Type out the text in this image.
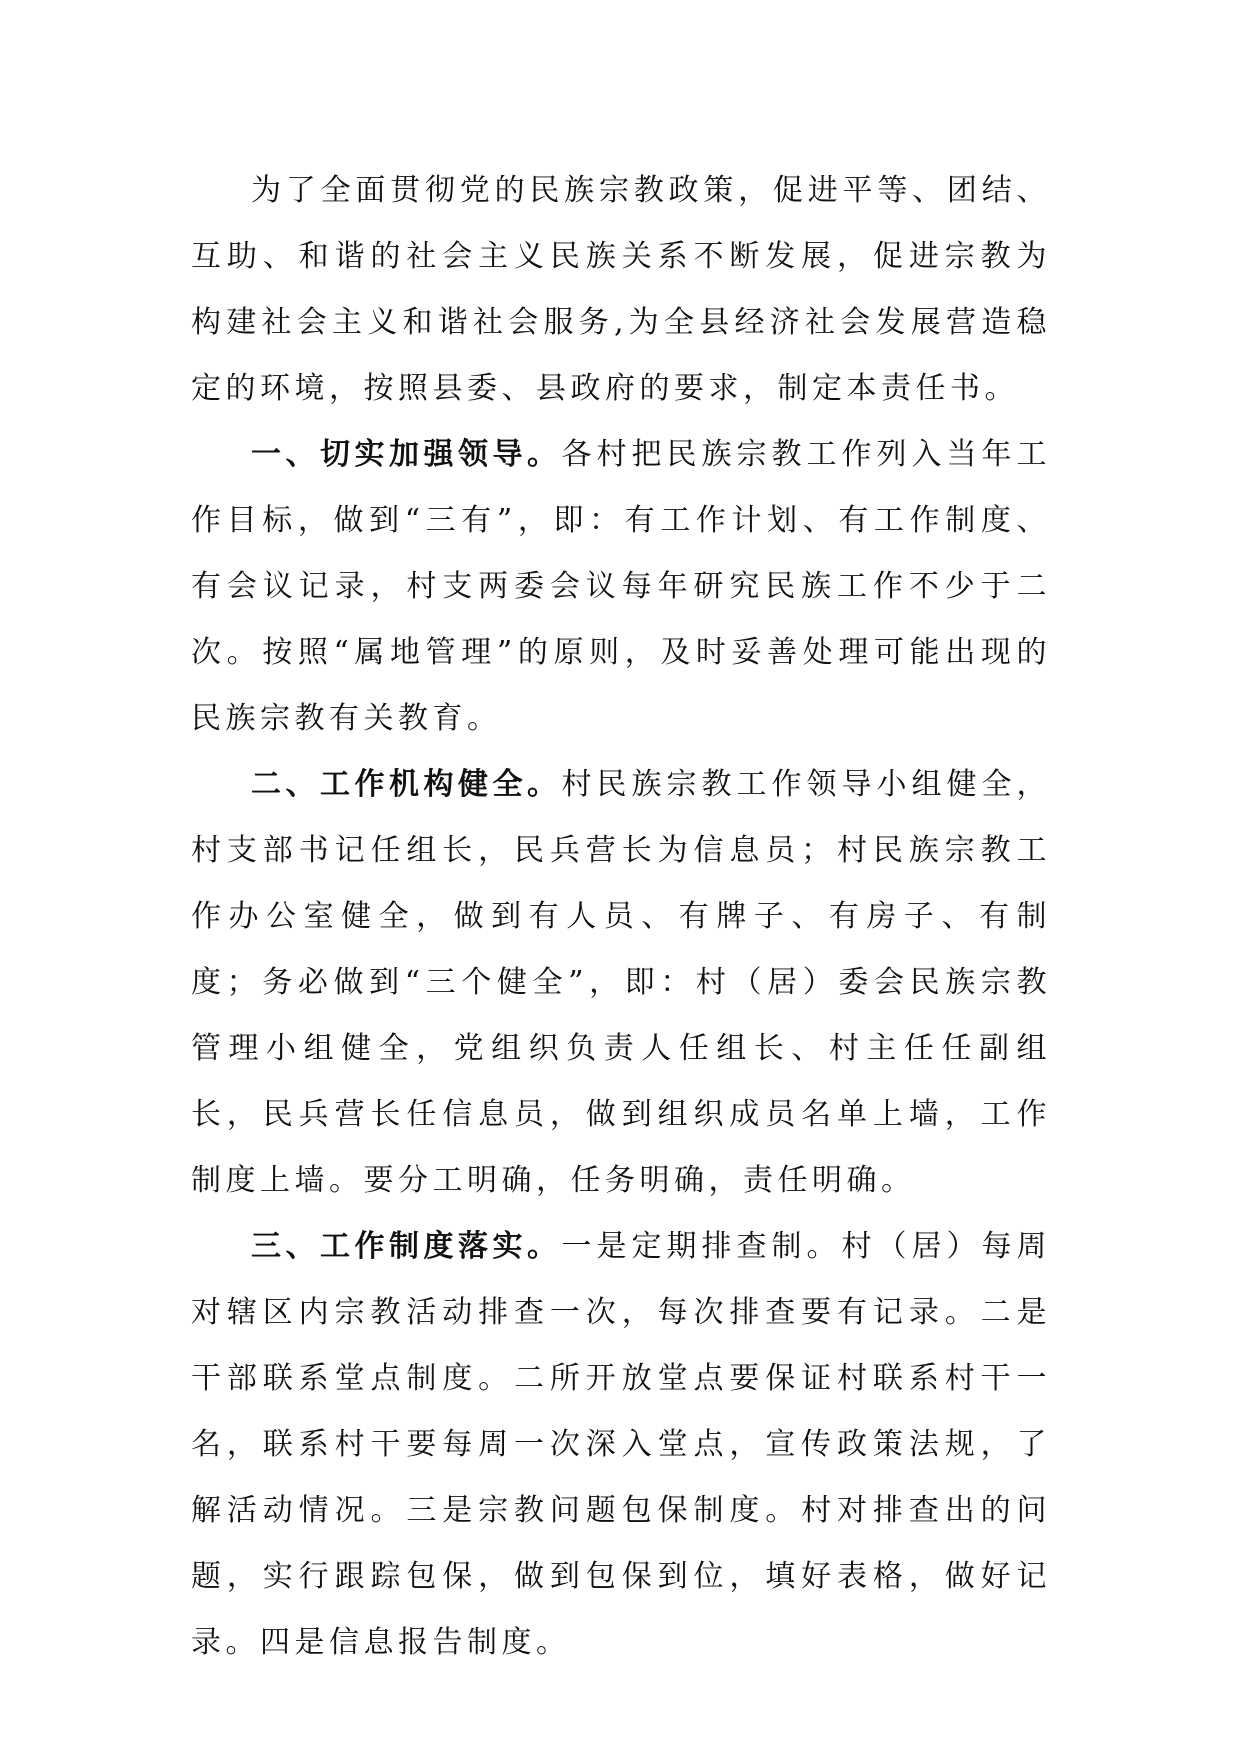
为了全面贯彻党的民族宗教政策，促进平等、团结、互助、和谐的社会主义民族关系不断发展，促进宗教为构建社会主义和谐社会服务,为全县经济社会发展营造稳定的环境，按照县委、县政府的要求，制定本责任书。

一、切实加强领导。各村把民族宗教工作列入当年工作目标，做到“三有”，即：有工作计划、有工作制度、有会议记录，村支两委会议每年研究民族工作不少于二次。按照“属地管理”的原则，及时妥善处理可能出现的民族宗教有关教育。

二、工作机构健全。村民族宗教工作领导小组健全，村支部书记任组长，民兵营长为信息员；村民族宗教工作办公室健全，做到有人员、有牌子、有房子、有制度；务必做到“三个健全”，即：村（居）委会民族宗教管理小组健全，党组织负责人任组长、村主任任副组长，民兵营长任信息员，做到组织成员名单上墙，工作制度上墙。要分工明确，任务明确，责任明确。

三、工作制度落实。一是定期排查制。村（居）每周对辖区内宗教活动排查一次，每次排查要有记录。二是干部联系堂点制度。二所开放堂点要保证村联系村干一名，联系村干要每周一次深入堂点，宣传政策法规，了解活动情况。三是宗教问题包保制度。村对排查出的问题，实行跟踪包保，做到包保到位，填好表格，做好记录。四是信息报告制度。
